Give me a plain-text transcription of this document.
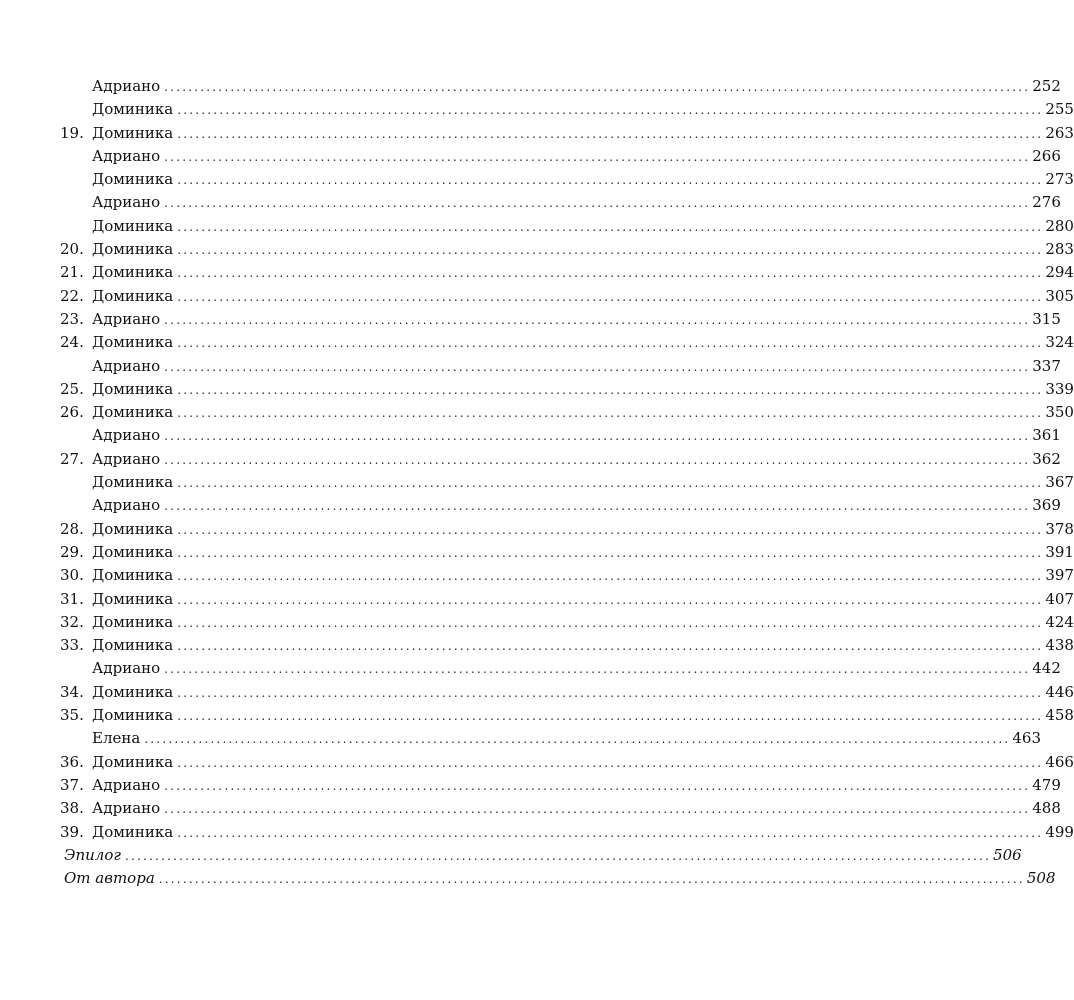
Адриано ................................................................................................................................................ 252
Доминика ................................................................................................................................................ 255
19. Доминика ................................................................................................................................................ 263
Адриано ................................................................................................................................................ 266
Доминика ................................................................................................................................................ 273
Адриано ................................................................................................................................................ 276
Доминика ................................................................................................................................................ 280
20. Доминика ................................................................................................................................................ 283
21. Доминика ................................................................................................................................................ 294
22. Доминика ................................................................................................................................................ 305
23. Адриано ................................................................................................................................................ 315
24. Доминика ................................................................................................................................................ 324
Адриано ................................................................................................................................................ 337
25. Доминика ................................................................................................................................................ 339
26. Доминика ................................................................................................................................................ 350
Адриано ................................................................................................................................................ 361
27. Адриано ................................................................................................................................................ 362
Доминика ................................................................................................................................................ 367
Адриано ................................................................................................................................................ 369
28. Доминика ................................................................................................................................................ 378
29. Доминика ................................................................................................................................................ 391
30. Доминика ................................................................................................................................................ 397
31. Доминика ................................................................................................................................................ 407
32. Доминика ................................................................................................................................................ 424
33. Доминика ................................................................................................................................................ 438
Адриано ................................................................................................................................................ 442
34. Доминика ................................................................................................................................................ 446
35. Доминика ................................................................................................................................................ 458
Елена ................................................................................................................................................ 463
36. Доминика ................................................................................................................................................ 466
37. Адриано ................................................................................................................................................ 479
38. Адриано ................................................................................................................................................ 488
39. Доминика ................................................................................................................................................ 499
Эпилог ................................................................................................................................................ 506
От автора ................................................................................................................................................ 508
